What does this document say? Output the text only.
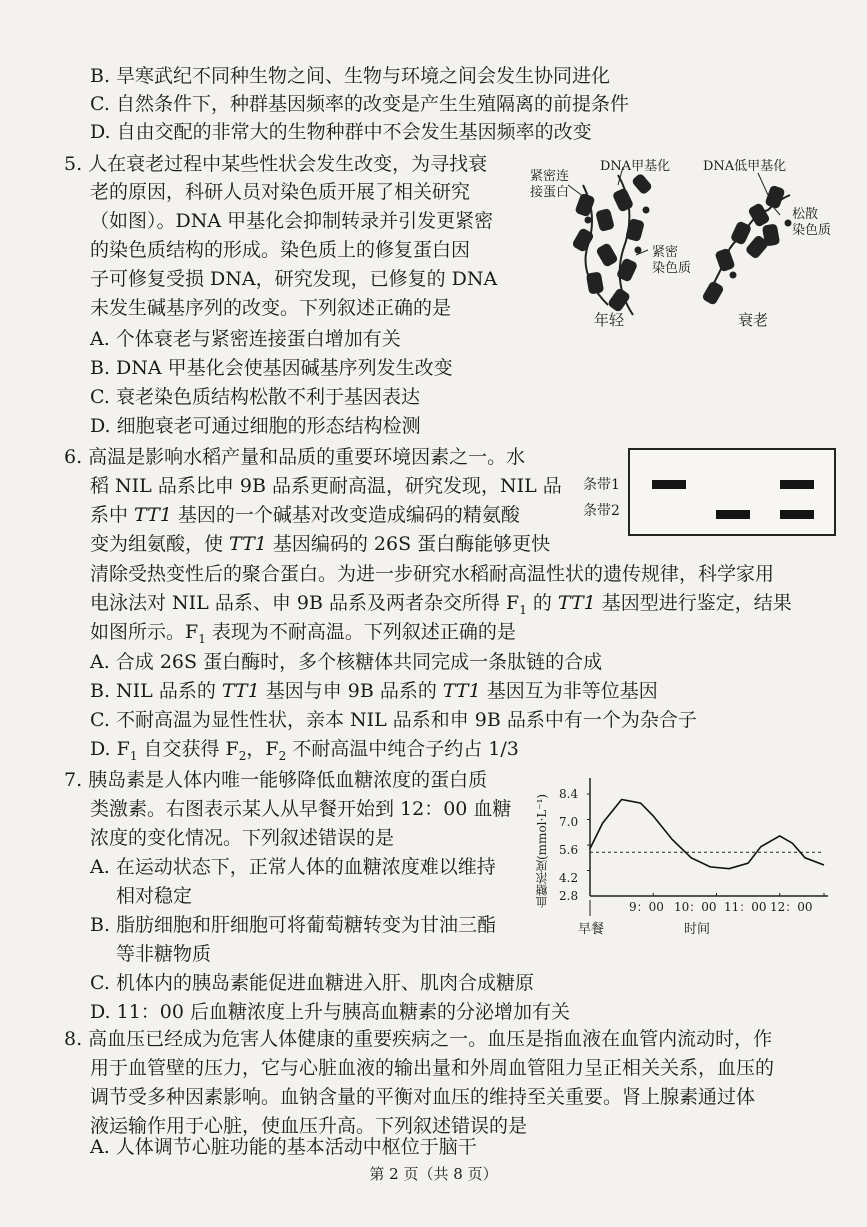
B. 旱寒武纪不同种生物之间、生物与环境之间会发生协同进化
C. 自然条件下，种群基因频率的改变是产生生殖隔离的前提条件
D. 自由交配的非常大的生物种群中不会发生基因频率的改变
5. 人在衰老过程中某些性状会发生改变，为寻找衰
老的原因，科研人员对染色质开展了相关研究
（如图）。DNA 甲基化会抑制转录并引发更紧密
的染色质结构的形成。染色质上的修复蛋白因
子可修复受损 DNA，研究发现，已修复的 DNA
未发生碱基序列的改变。下列叙述正确的是
A. 个体衰老与紧密连接蛋白增加有关
B. DNA 甲基化会使基因碱基序列发生改变
C. 衰老染色质结构松散不利于基因表达
D. 细胞衰老可通过细胞的形态结构检测
紧密连
接蛋白
DNA甲基化	DNA低甲基化
松散
染色质
紧密
染色质
年轻	衰老
6. 高温是影响水稻产量和品质的重要环境因素之一。水
稻 NIL 品系比申 9B 品系更耐高温，研究发现，NIL 品
系中 TT1 基因的一个碱基对改变造成编码的精氨酸
变为组氨酸，使 TT1 基因编码的 26S 蛋白酶能够更快
清除受热变性后的聚合蛋白。为进一步研究水稻耐高温性状的遗传规律，科学家用
电泳法对 NIL 品系、申 9B 品系及两者杂交所得 $F_1$ 的 TT1 基因型进行鉴定，结果
如图所示。$F_1$ 表现为不耐高温。下列叙述正确的是
A. 合成 26S 蛋白酶时，多个核糖体共同完成一条肽链的合成
B. NIL 品系的 TT1 基因与申 9B 品系的 TT1 基因互为非等位基因
C. 不耐高温为显性性状，亲本 NIL 品系和申 9B 品系中有一个为杂合子
D. $F_1$ 自交获得 $F_2$，$F_2$ 不耐高温中纯合子约占 1/3
条带1
条带2
7. 胰岛素是人体内唯一能够降低血糖浓度的蛋白质
类激素。右图表示某人从早餐开始到 12：00 血糖
浓度的变化情况。下列叙述错误的是
A. 在运动状态下，正常人体的血糖浓度难以维持
相对稳定
B. 脂肪细胞和肝细胞可将葡萄糖转变为甘油三酯
等非糖物质
C. 机体内的胰岛素能促进血糖进入肝、肌肉合成糖原
D. 11：00 后血糖浓度上升与胰高血糖素的分泌增加有关
血糖浓度(mmol·L⁻¹) 8.4
7.0
5.6
4.2
2.8
9：00 10：00 11：00 12：00
早餐	时间
8. 高血压已经成为危害人体健康的重要疾病之一。血压是指血液在血管内流动时，作
用于血管壁的压力，它与心脏血液的输出量和外周血管阻力呈正相关关系，血压的
调节受多种因素影响。血钠含量的平衡对血压的维持至关重要。肾上腺素通过体
液运输作用于心脏，使血压升高。下列叙述错误的是
A. 人体调节心脏功能的基本活动中枢位于脑干
第 2 页（共 8 页）
